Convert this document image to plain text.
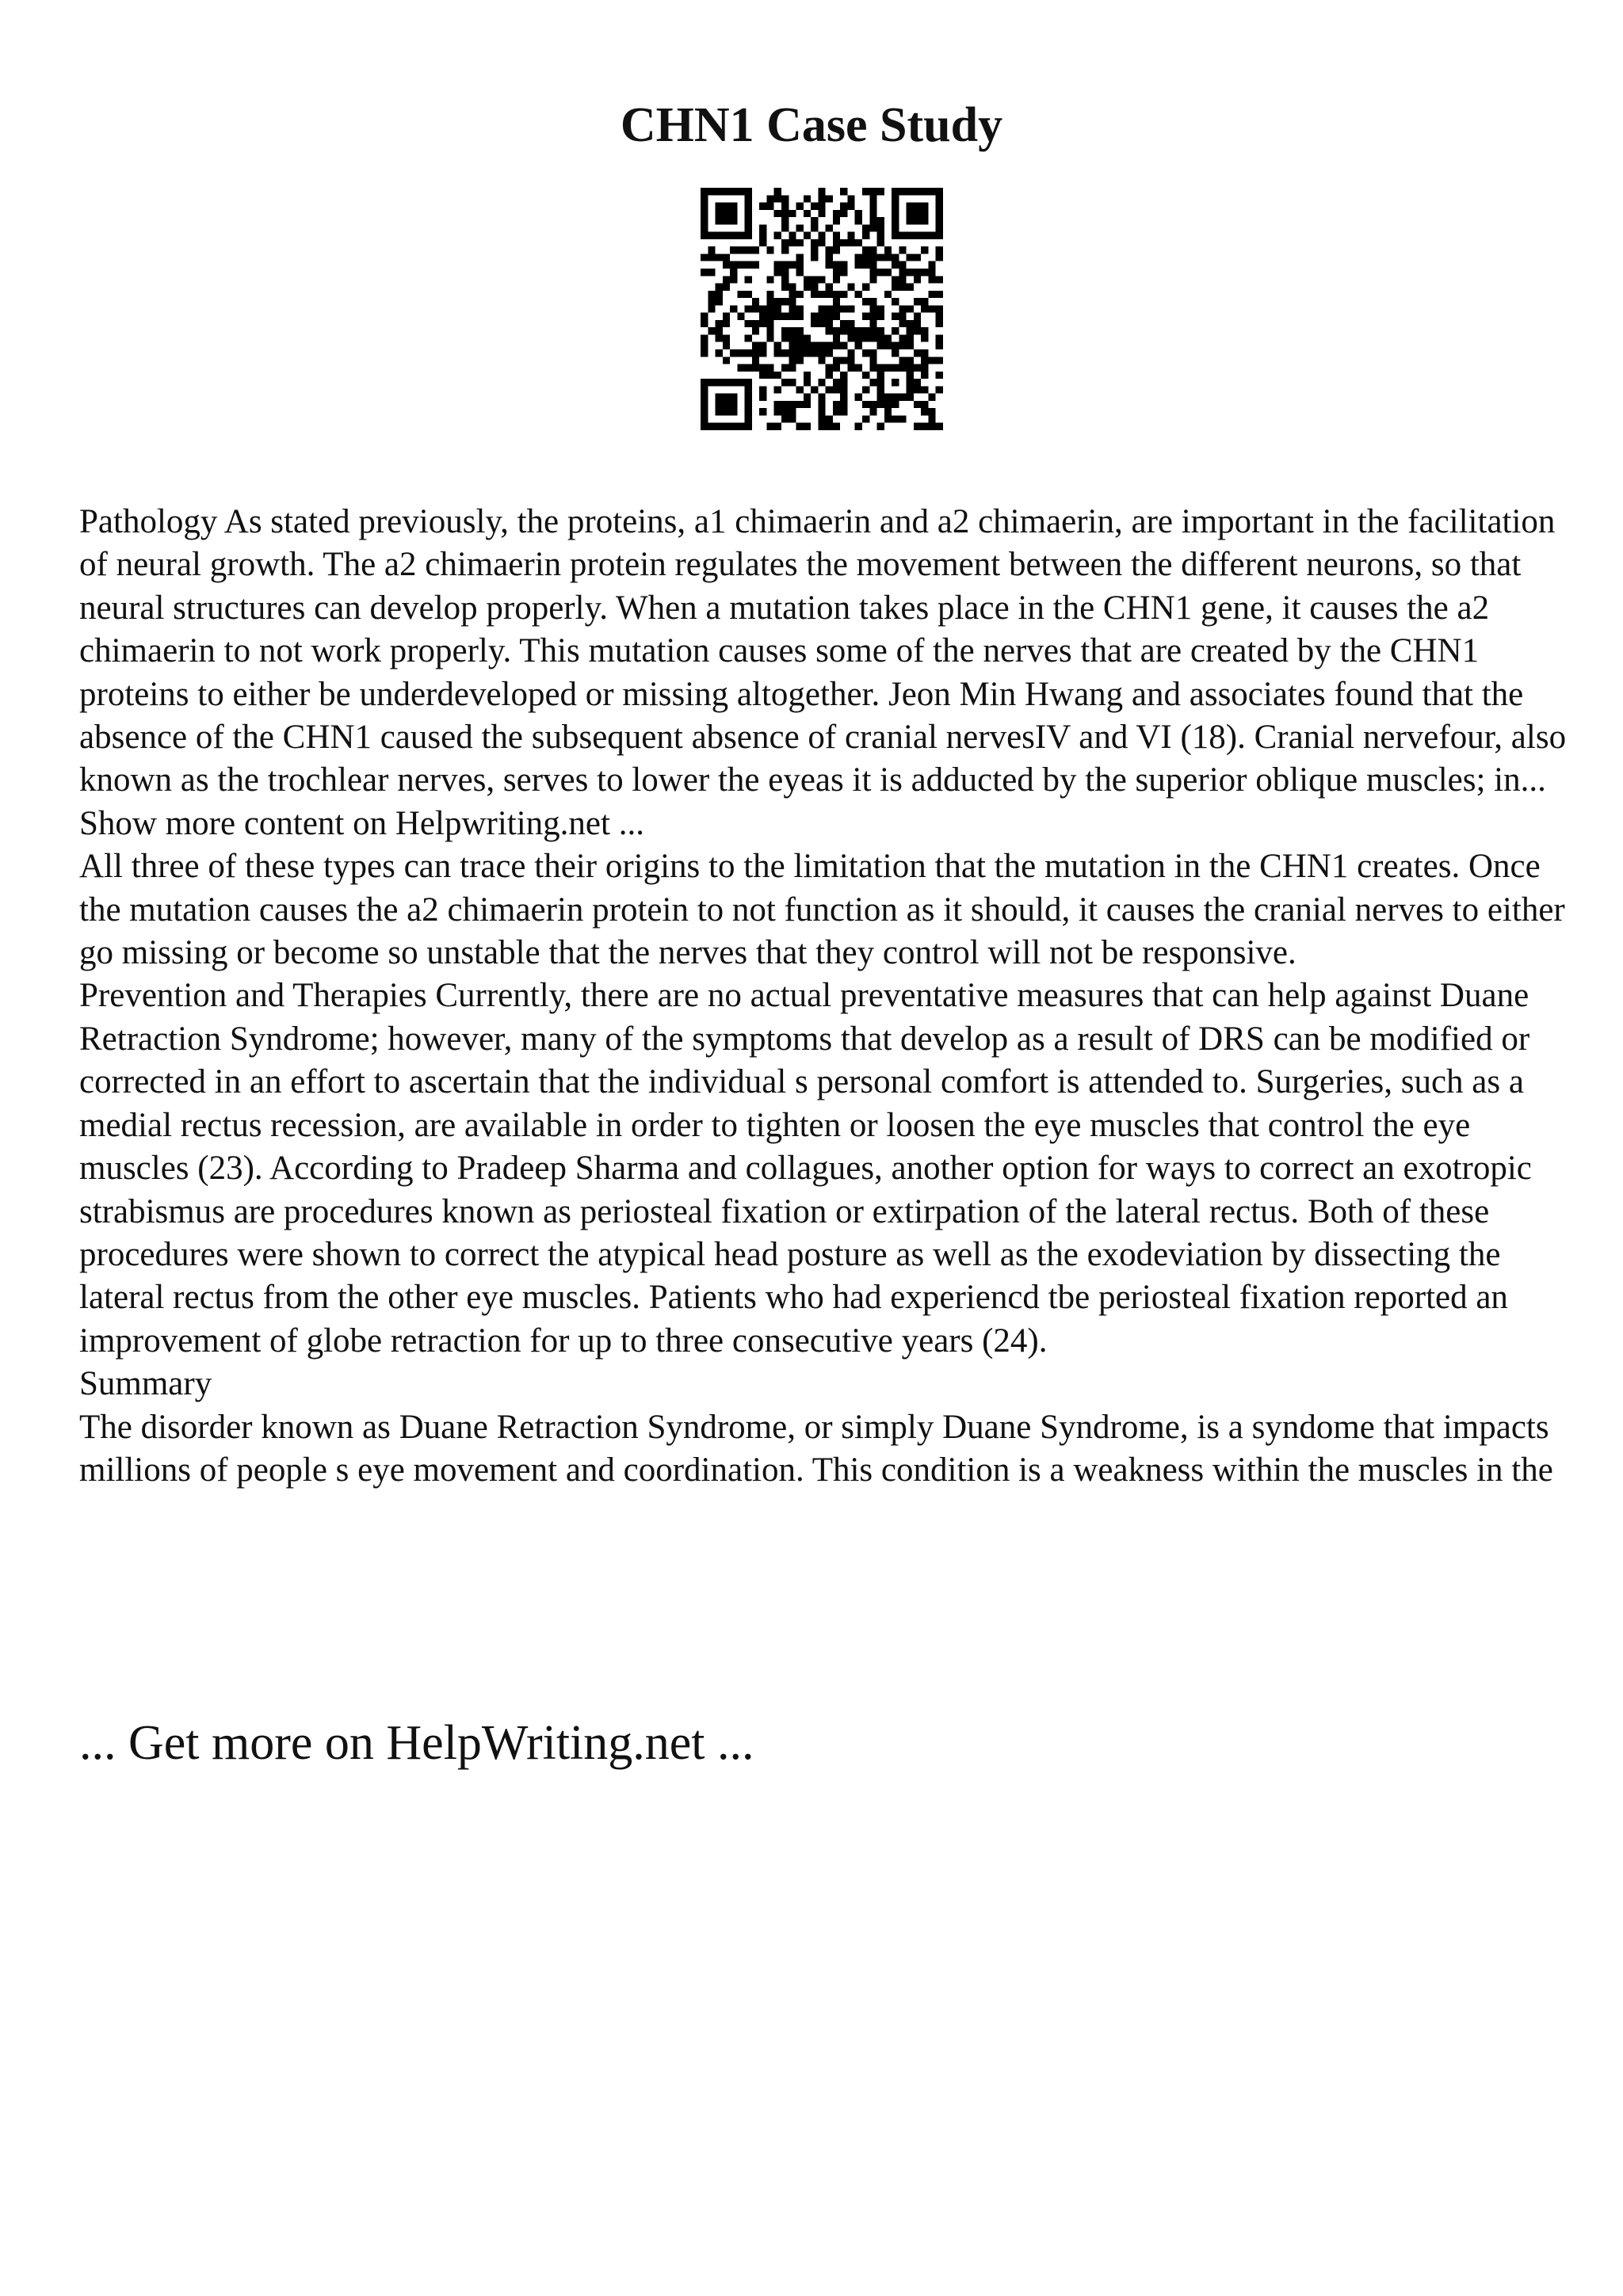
CHN1 Case Study

Pathology As stated previously, the proteins, a1 chimaerin and a2 chimaerin, are important in the facilitation of neural growth. The a2 chimaerin protein regulates the movement between the different neurons, so that neural structures can develop properly. When a mutation takes place in the CHN1 gene, it causes the a2 chimaerin to not work properly. This mutation causes some of the nerves that are created by the CHN1 proteins to either be underdeveloped or missing altogether. Jeon Min Hwang and associates found that the absence of the CHN1 caused the subsequent absence of cranial nervesIV and VI (18). Cranial nervefour, also known as the trochlear nerves, serves to lower the eyeas it is adducted by the superior oblique muscles; in... Show more content on Helpwriting.net ...

All three of these types can trace their origins to the limitation that the mutation in the CHN1 creates. Once the mutation causes the a2 chimaerin protein to not function as it should, it causes the cranial nerves to either go missing or become so unstable that the nerves that they control will not be responsive.

Prevention and Therapies Currently, there are no actual preventative measures that can help against Duane Retraction Syndrome; however, many of the symptoms that develop as a result of DRS can be modified or corrected in an effort to ascertain that the individual s personal comfort is attended to. Surgeries, such as a medial rectus recession, are available in order to tighten or loosen the eye muscles that control the eye muscles (23). According to Pradeep Sharma and collagues, another option for ways to correct an exotropic strabismus are procedures known as periosteal fixation or extirpation of the lateral rectus. Both of these procedures were shown to correct the atypical head posture as well as the exodeviation by dissecting the lateral rectus from the other eye muscles. Patients who had experiencd tbe periosteal fixation reported an improvement of globe retraction for up to three consecutive years (24).

Summary

The disorder known as Duane Retraction Syndrome, or simply Duane Syndrome, is a syndome that impacts millions of people s eye movement and coordination. This condition is a weakness within the muscles in the

... Get more on HelpWriting.net ...
